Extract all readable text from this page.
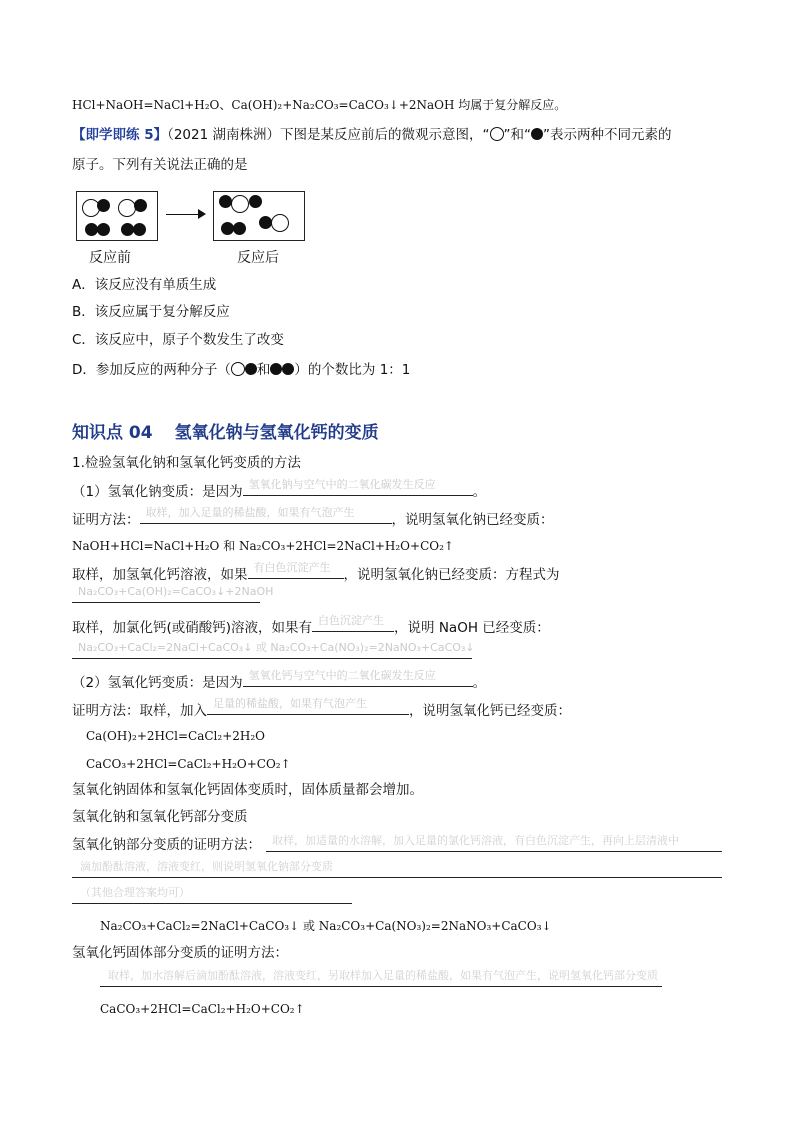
HCl+NaOH=NaCl+H₂O、Ca(OH)₂+Na₂CO₃=CaCO₃↓+2NaOH 均属于复分解反应。
【即学即练 5】（2021 湖南株洲）下图是某反应前后的微观示意图，“ ”和“ ”表示两种不同元素的
原子。下列有关说法正确的是
反应前	反应后
A．该反应没有单质生成
B．该反应属于复分解反应
C．该反应中，原子个数发生了改变
D．参加反应的两种分子（ 和 ）的个数比为 1：1
知识点 04 氢氧化钠与氢氧化钙的变质
1.检验氢氧化钠和氢氧化钙变质的方法
（1）氢氧化钠变质：是因为 氢氧化钠与空气中的二氧化碳发生反应	。
证明方法： 取样，加入足量的稀盐酸，如果有气泡产生	，说明氢氧化钠已经变质：
NaOH+HCl=NaCl+H₂O 和 Na₂CO₃+2HCl=2NaCl+H₂O+CO₂↑
取样，加氢氧化钙溶液，如果 有白色沉淀产生 ，说明氢氧化钠已经变质：方程式为
Na₂CO₃+Ca(OH)₂=CaCO₃↓+2NaOH
取样，加氯化钙(或硝酸钙)溶液，如果有 白色沉淀产生 ，说明 NaOH 已经变质：
Na₂CO₃+CaCl₂=2NaCl+CaCO₃↓ 或 Na₂CO₃+Ca(NO₃)₂=2NaNO₃+CaCO₃↓
（2）氢氧化钙变质：是因为 氢氧化钙与空气中的二氧化碳发生反应	。
证明方法：取样，加入 足量的稀盐酸，如果有气泡产生	，说明氢氧化钙已经变质：
Ca(OH)₂+2HCl=CaCl₂+2H₂O
CaCO₃+2HCl=CaCl₂+H₂O+CO₂↑
氢氧化钠固体和氢氧化钙固体变质时，固体质量都会增加。
氢氧化钠和氢氧化钙部分变质
氢氧化钠部分变质的证明方法： 取样，加适量的水溶解，加入足量的氯化钙溶液，有白色沉淀产生，再向上层清液中
滴加酚酞溶液，溶液变红，则说明氢氧化钠部分变质
（其他合理答案均可）
Na₂CO₃+CaCl₂=2NaCl+CaCO₃↓ 或 Na₂CO₃+Ca(NO₃)₂=2NaNO₃+CaCO₃↓
氢氧化钙固体部分变质的证明方法：
取样，加水溶解后滴加酚酞溶液，溶液变红，另取样加入足量的稀盐酸，如果有气泡产生，说明氢氧化钙部分变质
CaCO₃+2HCl=CaCl₂+H₂O+CO₂↑
